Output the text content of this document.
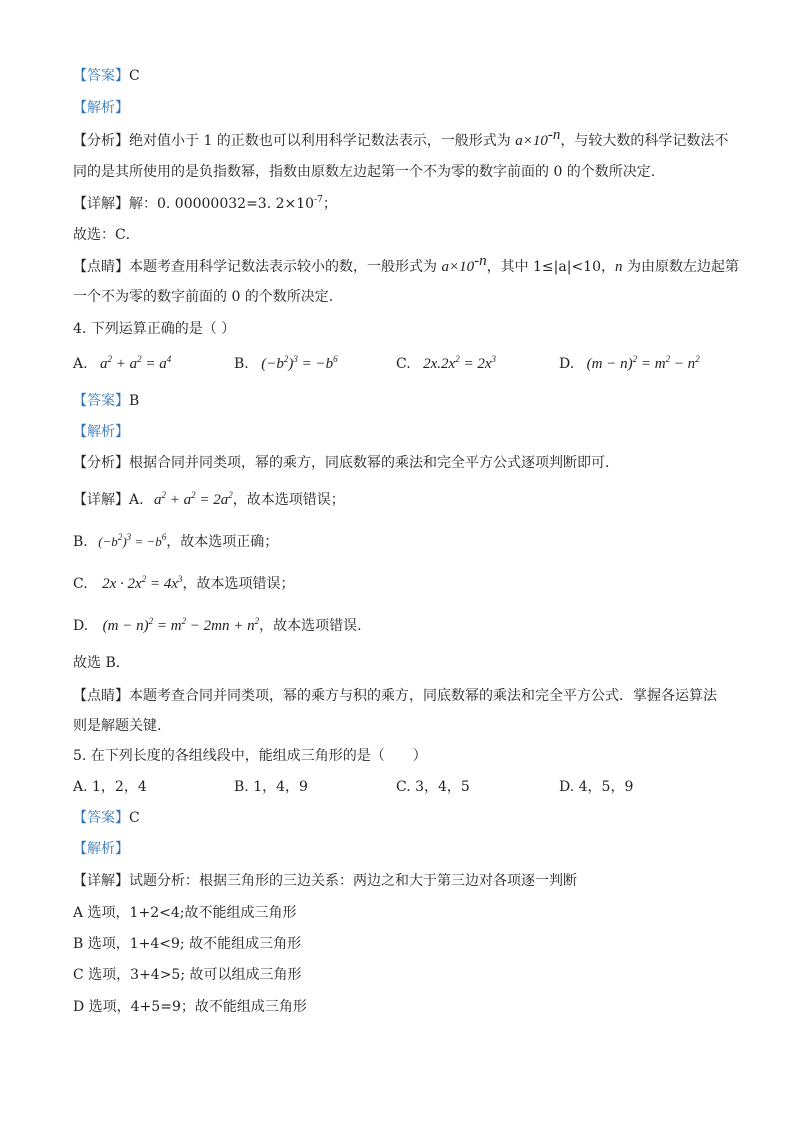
【答案】C
【解析】
【分析】绝对值小于 1 的正数也可以利用科学记数法表示，一般形式为 $a\times 10^{-n}$，与较大数的科学记数法不
同的是其所使用的是负指数幂，指数由原数左边起第一个不为零的数字前面的 0 的个数所决定.
【详解】解：0. 00000032=3. $2\times 10^{-7}$；
故选：C．
【点睛】本题考查用科学记数法表示较小的数，一般形式为 $a\times 10^{-n}$，其中 1≤|a|<10，n 为由原数左边起第
一个不为零的数字前面的 0 的个数所决定.
4. 下列运算正确的是（ ）
A. $a^2 + a^2 = a^4$	B. $(-b^2)^3 = -b^6$	C. $2x.2x^2 = 2x^3$	D. $(m - n)^2 = m^2 - n^2$
【答案】B
【解析】
【分析】根据合同并同类项，幂的乘方，同底数幂的乘法和完全平方公式逐项判断即可.
【详解】A. $a^2 + a^2 = 2a^2$，故本选项错误；
B. $(-b^2)^3 = -b^6$，故本选项正确；
C. $2x \cdot 2x^2 = 4x^3$，故本选项错误；
D. $(m - n)^2 = m^2 - 2mn + n^2$，故本选项错误.
故选 B.
【点睛】本题考查合同并同类项，幂的乘方与积的乘方，同底数幂的乘法和完全平方公式．掌握各运算法
则是解题关键.
5. 在下列长度的各组线段中，能组成三角形的是（　　）
A. 1，2，4	B. 1，4，9	C. 3，4，5	D. 4，5，9
【答案】C
【解析】
【详解】试题分析：根据三角形的三边关系：两边之和大于第三边对各项逐一判断
A 选项，1+2<4;故不能组成三角形
B 选项，1+4<9; 故不能组成三角形
C 选项，3+4>5; 故可以组成三角形
D 选项，4+5=9；故不能组成三角形
